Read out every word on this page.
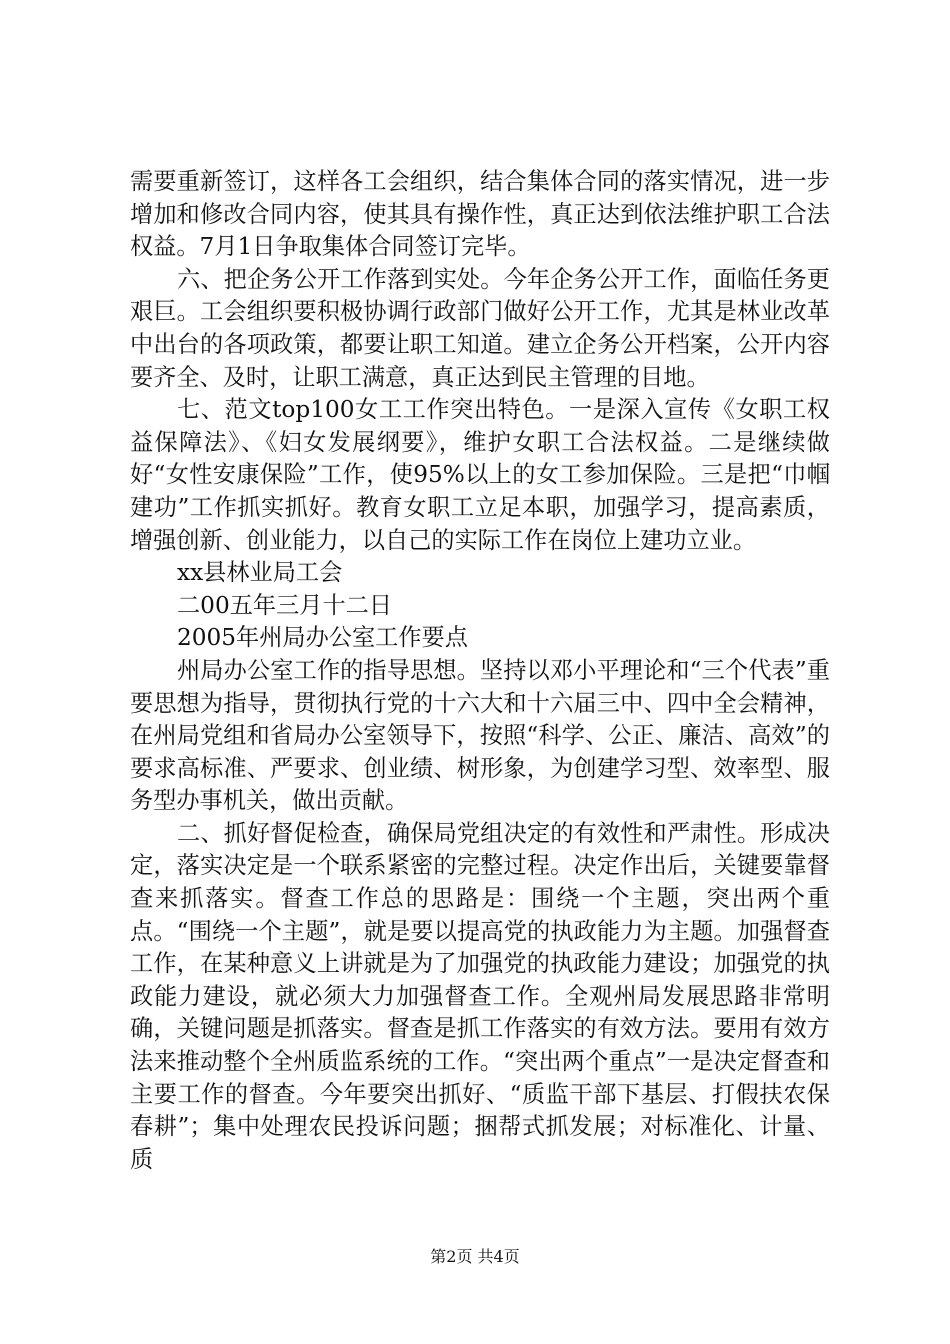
需要重新签订，这样各工会组织，结合集体合同的落实情况，进一步增加和修改合同内容，使其具有操作性，真正达到依法维护职工合法权益。7月1日争取集体合同签订完毕。

六、把企务公开工作落到实处。今年企务公开工作，面临任务更艰巨。工会组织要积极协调行政部门做好公开工作，尤其是林业改革中出台的各项政策，都要让职工知道。建立企务公开档案，公开内容要齐全、及时，让职工满意，真正达到民主管理的目地。

七、范文top100女工工作突出特色。一是深入宣传《女职工权益保障法》、《妇女发展纲要》，维护女职工合法权益。二是继续做好“女性安康保险”工作，使95%以上的女工参加保险。三是把“巾帼建功”工作抓实抓好。教育女职工立足本职，加强学习，提高素质，增强创新、创业能力，以自己的实际工作在岗位上建功立业。

xx县林业局工会

二00五年三月十二日

2005年州局办公室工作要点

州局办公室工作的指导思想。坚持以邓小平理论和“三个代表”重要思想为指导，贯彻执行党的十六大和十六届三中、四中全会精神，在州局党组和省局办公室领导下，按照“科学、公正、廉洁、高效”的要求高标准、严要求、创业绩、树形象，为创建学习型、效率型、服务型办事机关，做出贡献。

二、抓好督促检查，确保局党组决定的有效性和严肃性。形成决定，落实决定是一个联系紧密的完整过程。决定作出后，关键要靠督查来抓落实。督查工作总的思路是：围绕一个主题，突出两个重点。“围绕一个主题”，就是要以提高党的执政能力为主题。加强督查工作，在某种意义上讲就是为了加强党的执政能力建设；加强党的执政能力建设，就必须大力加强督查工作。全观州局发展思路非常明确，关键问题是抓落实。督查是抓工作落实的有效方法。要用有效方法来推动整个全州质监系统的工作。“突出两个重点”一是决定督查和主要工作的督查。今年要突出抓好、“质监干部下基层、打假扶农保春耕”；集中处理农民投诉问题；捆帮式抓发展；对标准化、计量、质

第2页 共4页
